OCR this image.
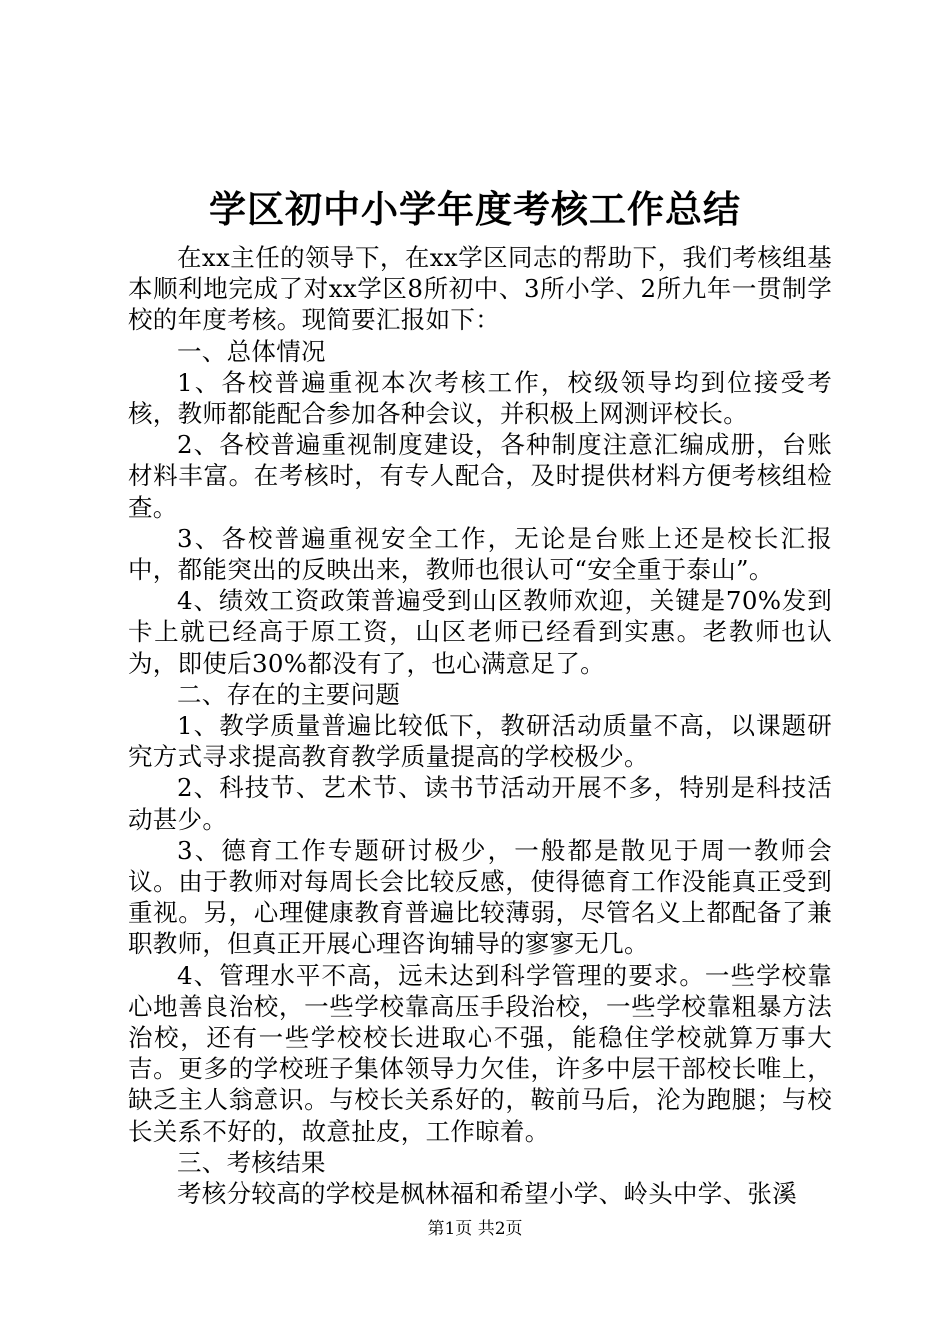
学区初中小学年度考核工作总结

在xx主任的领导下，在xx学区同志的帮助下，我们考核组基本顺利地完成了对xx学区8所初中、3所小学、2所九年一贯制学校的年度考核。现简要汇报如下：

一、总体情况

1、各校普遍重视本次考核工作，校级领导均到位接受考核，教师都能配合参加各种会议，并积极上网测评校长。

2、各校普遍重视制度建设，各种制度注意汇编成册，台账材料丰富。在考核时，有专人配合，及时提供材料方便考核组检查。

3、各校普遍重视安全工作，无论是台账上还是校长汇报中，都能突出的反映出来，教师也很认可“安全重于泰山”。

4、绩效工资政策普遍受到山区教师欢迎，关键是70%发到卡上就已经高于原工资，山区老师已经看到实惠。老教师也认为，即使后30%都没有了，也心满意足了。

二、存在的主要问题

1、教学质量普遍比较低下，教研活动质量不高，以课题研究方式寻求提高教育教学质量提高的学校极少。

2、科技节、艺术节、读书节活动开展不多，特别是科技活动甚少。

3、德育工作专题研讨极少，一般都是散见于周一教师会议。由于教师对每周长会比较反感，使得德育工作没能真正受到重视。另，心理健康教育普遍比较薄弱，尽管名义上都配备了兼职教师，但真正开展心理咨询辅导的寥寥无几。

4、管理水平不高，远未达到科学管理的要求。一些学校靠心地善良治校，一些学校靠高压手段治校，一些学校靠粗暴方法治校，还有一些学校校长进取心不强，能稳住学校就算万事大吉。更多的学校班子集体领导力欠佳，许多中层干部校长唯上，缺乏主人翁意识。与校长关系好的，鞍前马后，沦为跑腿；与校长关系不好的，故意扯皮，工作晾着。

三、考核结果

考核分较高的学校是枫林福和希望小学、岭头中学、张溪

第1页 共2页
